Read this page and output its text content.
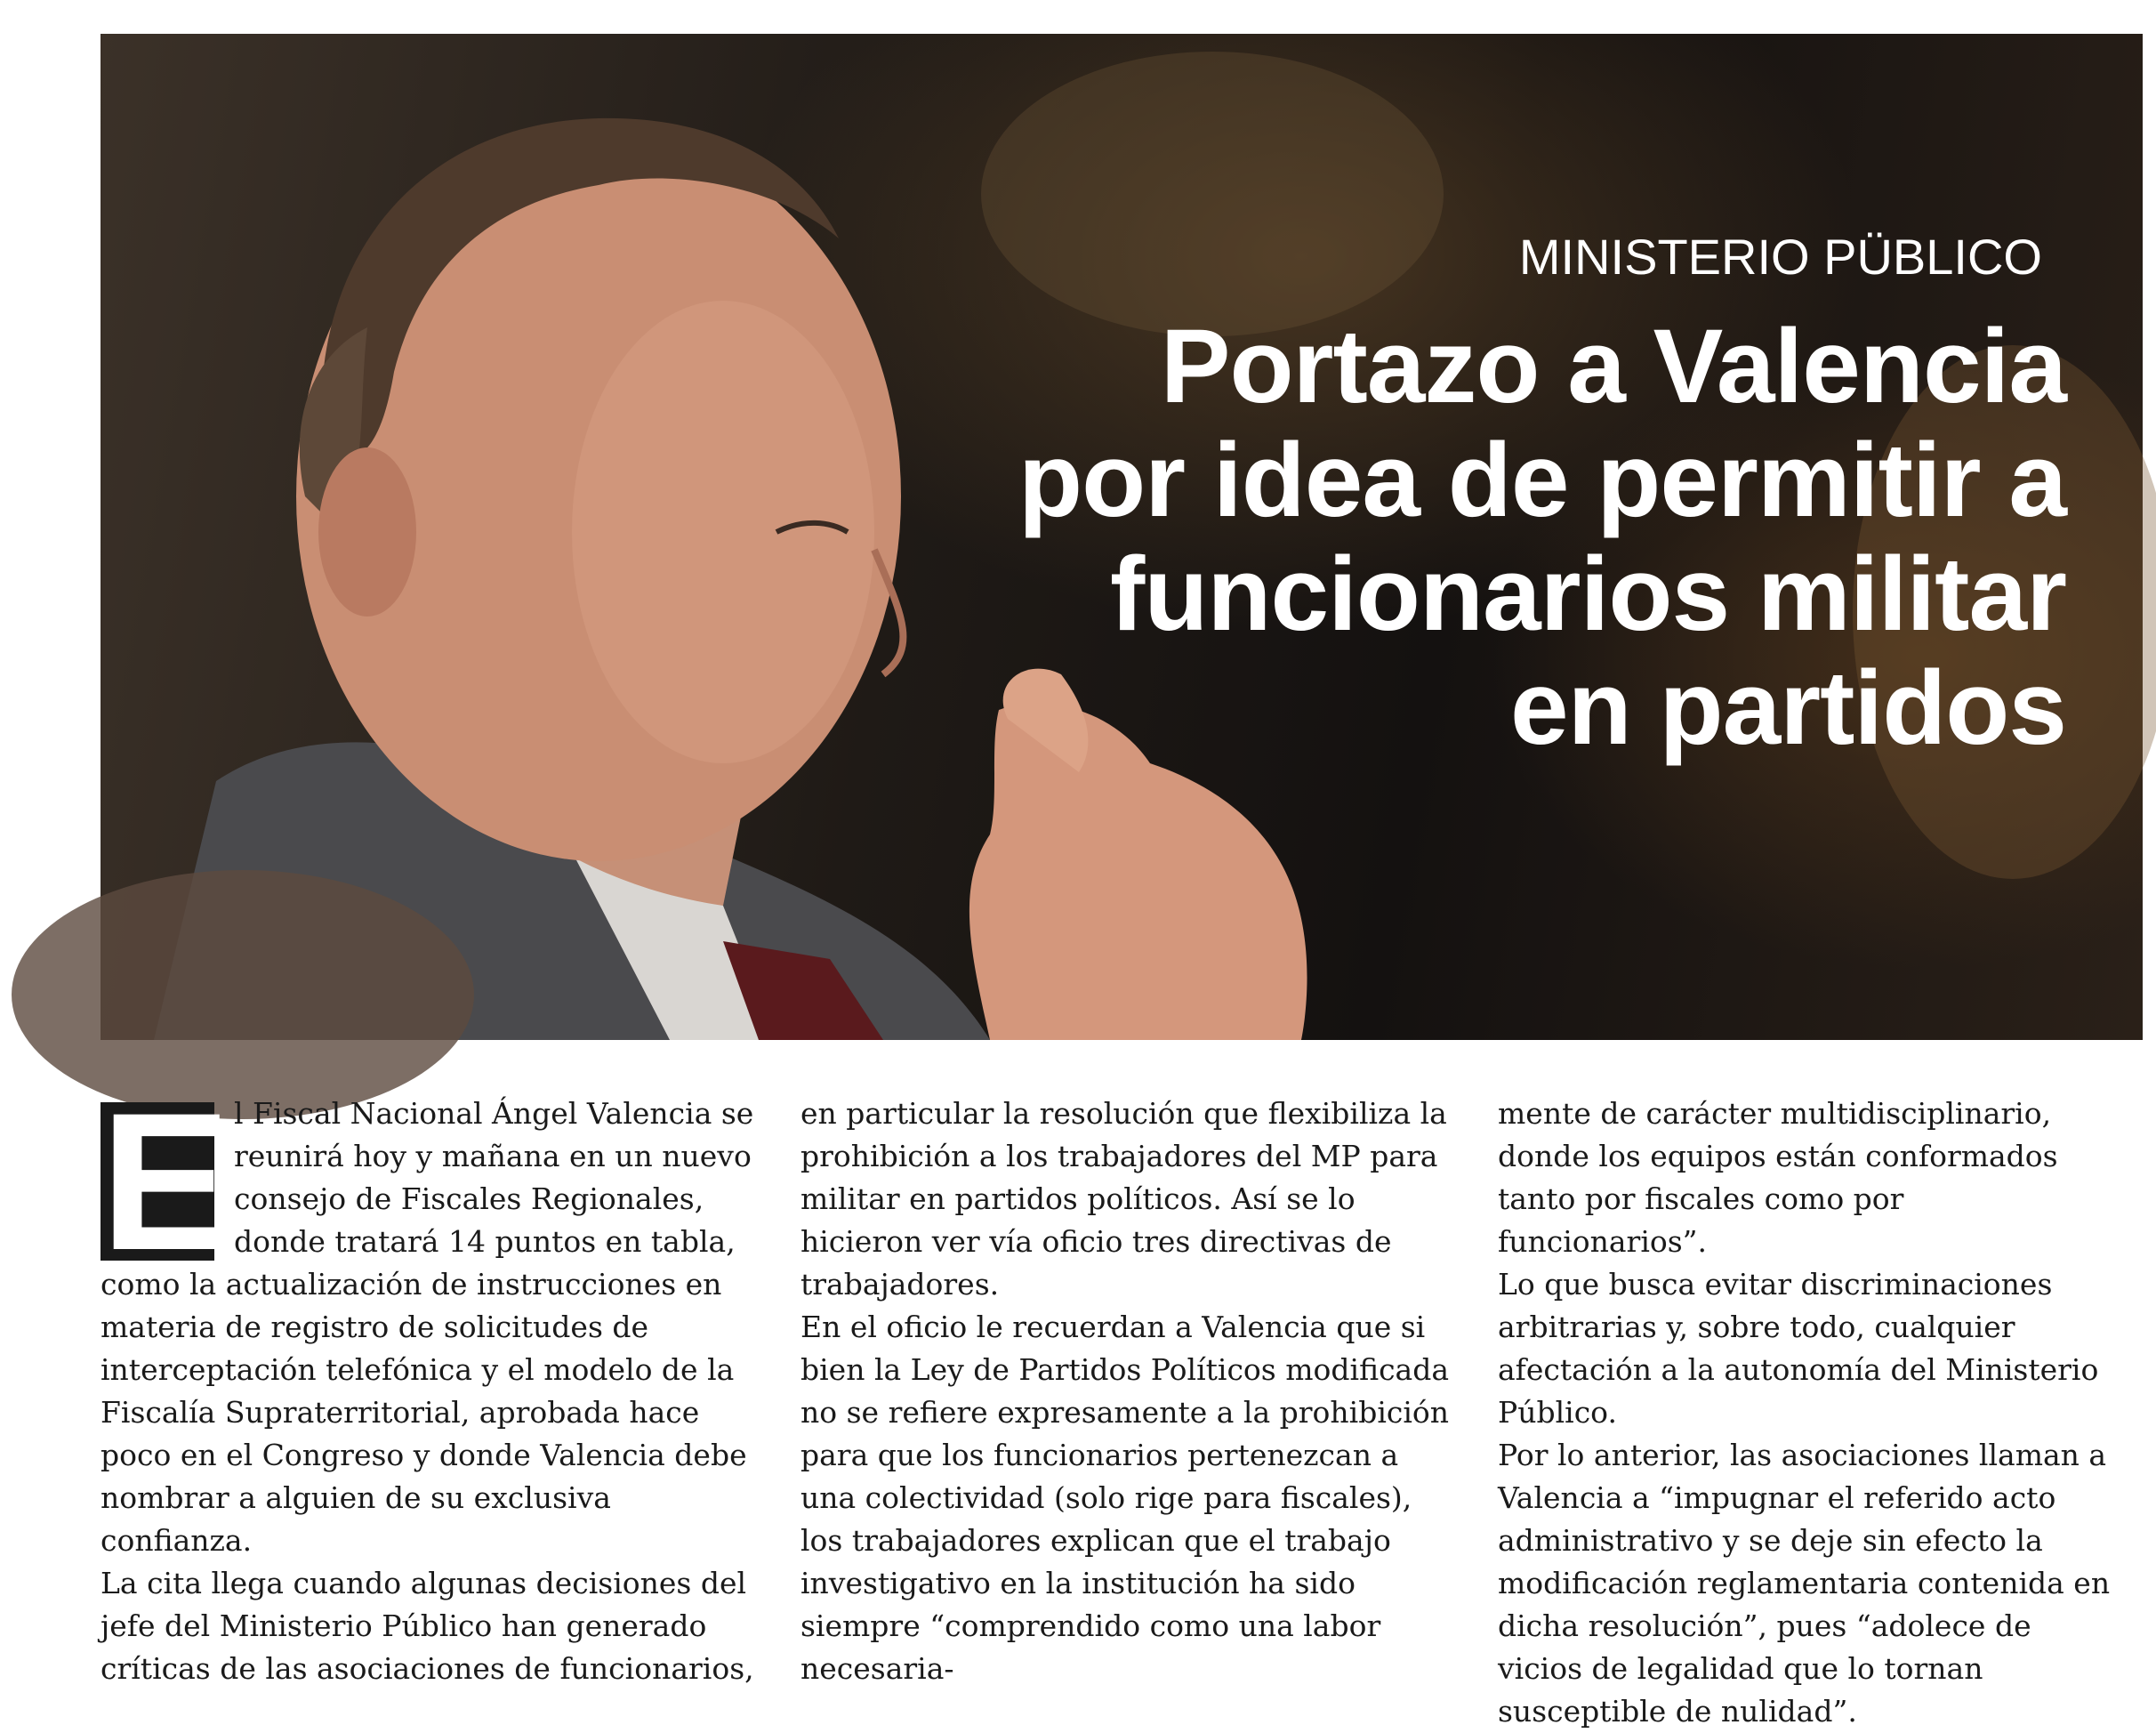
MINISTERIO PÜBLICO
Portazo a Valencia
por idea de permitir a
funcionarios militar
en partidos

E l Fiscal Nacional Ángel Valencia se reunirá hoy y mañana en un nuevo consejo de Fiscales Regionales, donde tratará 14 puntos en tabla, como la actualización de instrucciones en materia de registro de solicitudes de interceptación telefónica y el modelo de la Fiscalía Supraterritorial, aprobada hace poco en el Congreso y donde Valencia debe nombrar a alguien de su exclusiva confianza.

La cita llega cuando algunas decisiones del jefe del Ministerio Público han generado críticas de las asociaciones de funcionarios,

en particular la resolución que flexibiliza la prohibición a los trabajadores del MP para militar en partidos políticos. Así se lo hicieron ver vía oficio tres directivas de trabajadores.

En el oficio le recuerdan a Valencia que si bien la Ley de Partidos Políticos modificada no se refiere expresamente a la prohibición para que los funcionarios pertenezcan a una colectividad (solo rige para fiscales), los trabajadores explican que el trabajo investigativo en la institución ha sido siempre “comprendido como una labor necesaria-

mente de carácter multidisciplinario, donde los equipos están conformados tanto por fiscales como por funcionarios”.

Lo que busca evitar discriminaciones arbitrarias y, sobre todo, cualquier afectación a la autonomía del Ministerio Público.

Por lo anterior, las asociaciones llaman a Valencia a “impugnar el referido acto administrativo y se deje sin efecto la modificación reglamentaria contenida en dicha resolución”, pues “adolece de vicios de legalidad que lo tornan susceptible de nulidad”.
